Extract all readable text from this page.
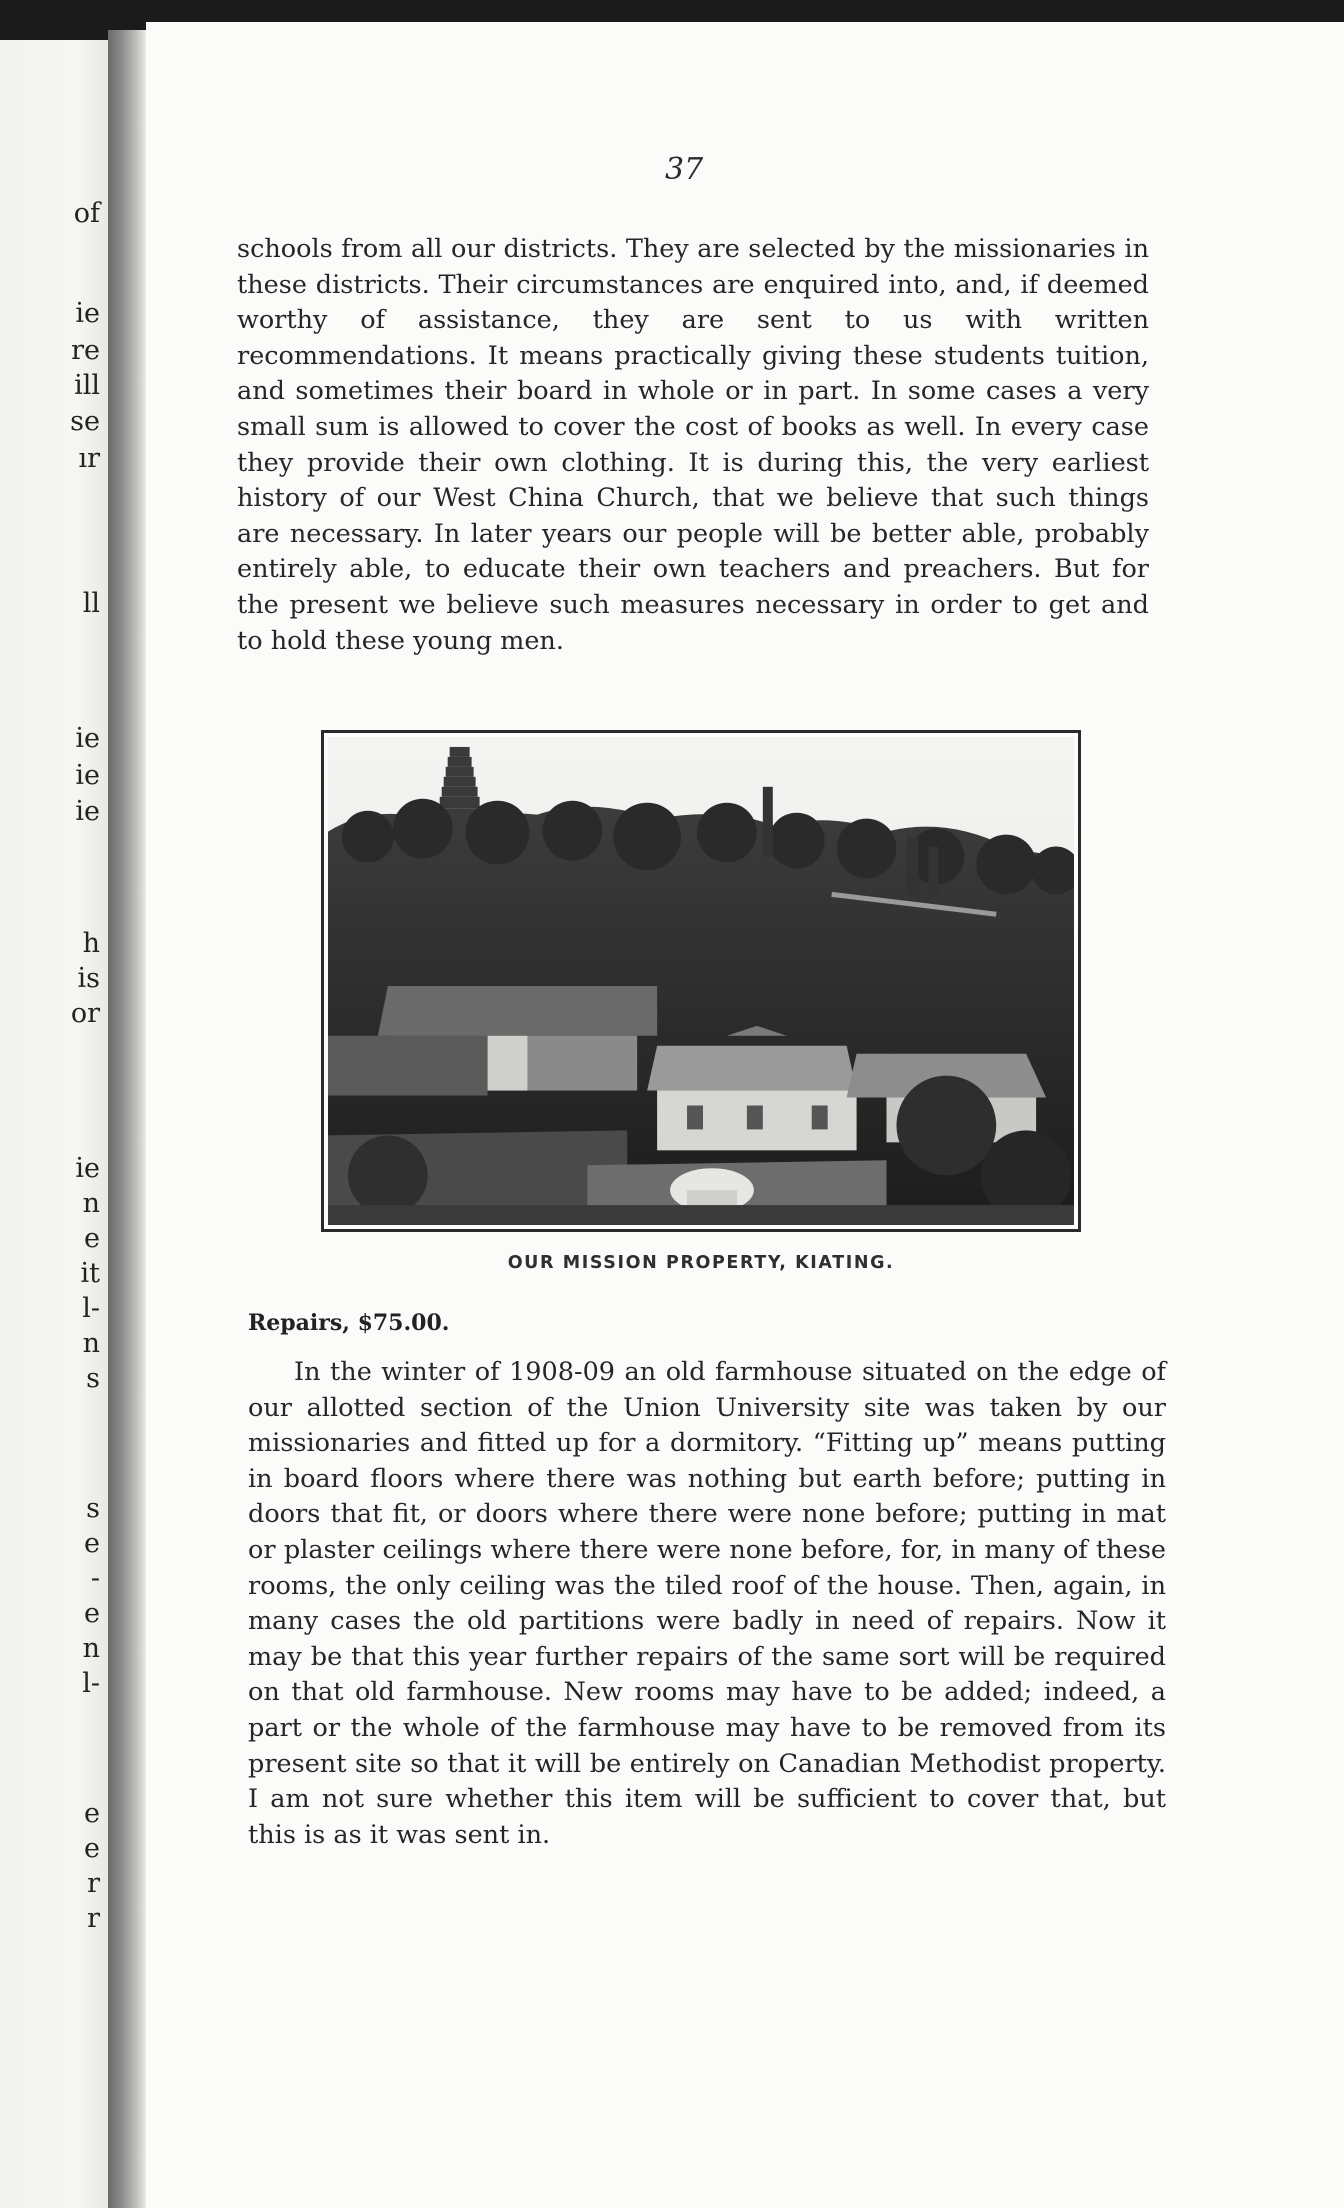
of
ie
re
ill
se
ır
ll
ie
ie
ie
h
is
or
ie
n
e
it
l-
n
s
s
e
-
e
n
l-
e
e
r
r
37

schools from all our districts. They are selected by the missionaries in these districts. Their circumstances are enquired into, and, if deemed worthy of assistance, they are sent to us with written recommendations. It means practically giving these students tuition, and sometimes their board in whole or in part. In some cases a very small sum is allowed to cover the cost of books as well. In every case they provide their own clothing. It is during this, the very earliest history of our West China Church, that we believe that such things are necessary. In later years our people will be better able, probably entirely able, to educate their own teachers and preachers. But for the present we believe such measures necessary in order to get and to hold these young men.

OUR MISSION PROPERTY, KIATING.
Repairs, $75.00.

In the winter of 1908-09 an old farmhouse situated on the edge of our allotted section of the Union University site was taken by our missionaries and fitted up for a dormitory. “Fitting up” means putting in board floors where there was nothing but earth before; putting in doors that fit, or doors where there were none before; putting in mat or plaster ceilings where there were none before, for, in many of these rooms, the only ceiling was the tiled roof of the house. Then, again, in many cases the old partitions were badly in need of repairs. Now it may be that this year further repairs of the same sort will be required on that old farmhouse. New rooms may have to be added; indeed, a part or the whole of the farmhouse may have to be removed from its present site so that it will be entirely on Canadian Methodist property. I am not sure whether this item will be sufficient to cover that, but this is as it was sent in.
